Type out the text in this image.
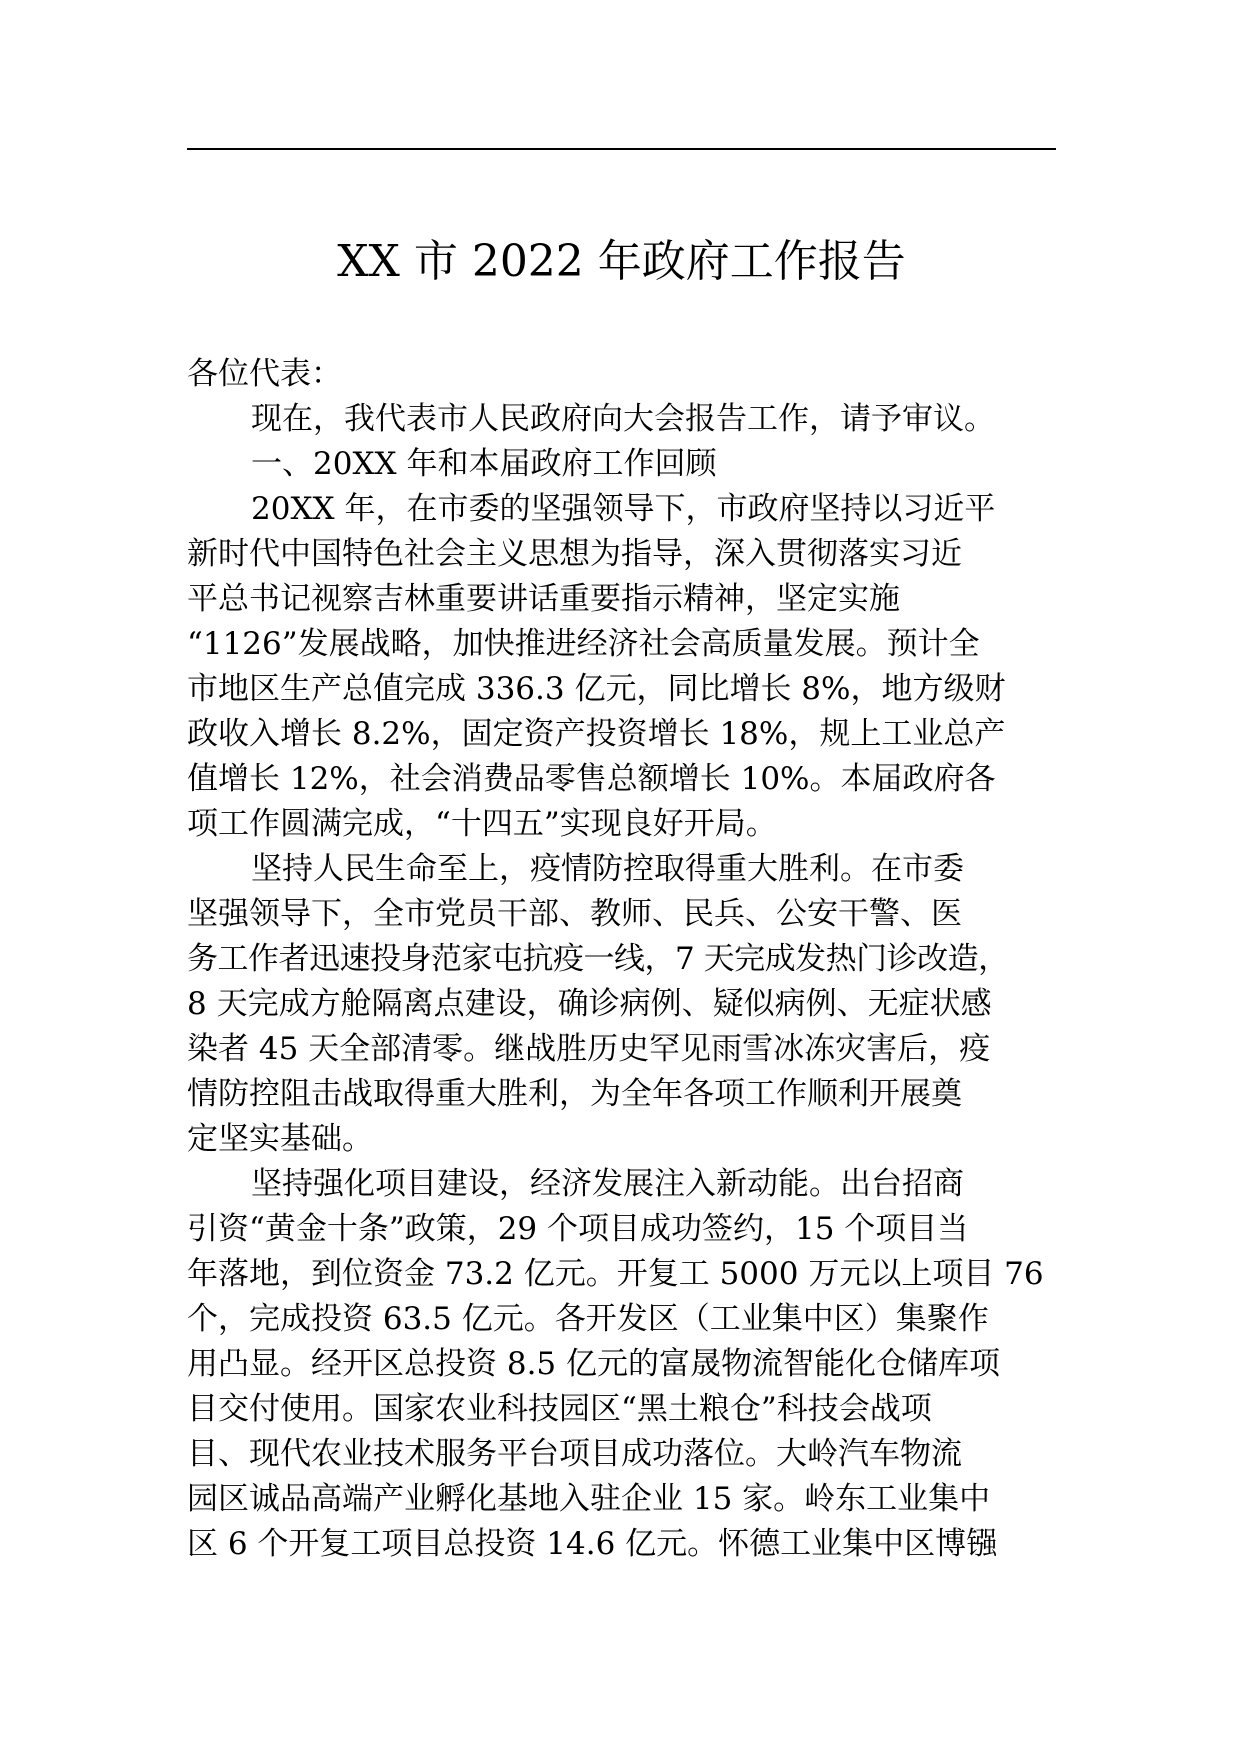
XX 市 2022 年政府工作报告
各位代表：
现在，我代表市人民政府向大会报告工作，请予审议。
一、20XX 年和本届政府工作回顾
20XX 年，在市委的坚强领导下，市政府坚持以习近平
新时代中国特色社会主义思想为指导，深入贯彻落实习近
平总书记视察吉林重要讲话重要指示精神，坚定实施
“1126”发展战略，加快推进经济社会高质量发展。预计全
市地区生产总值完成 336.3 亿元，同比增长 8%，地方级财
政收入增长 8.2%，固定资产投资增长 18%，规上工业总产
值增长 12%，社会消费品零售总额增长 10%。本届政府各
项工作圆满完成，“十四五”实现良好开局。
坚持人民生命至上，疫情防控取得重大胜利。在市委
坚强领导下，全市党员干部、教师、民兵、公安干警、医
务工作者迅速投身范家屯抗疫一线，7 天完成发热门诊改造，
8 天完成方舱隔离点建设，确诊病例、疑似病例、无症状感
染者 45 天全部清零。继战胜历史罕见雨雪冰冻灾害后，疫
情防控阻击战取得重大胜利，为全年各项工作顺利开展奠
定坚实基础。
坚持强化项目建设，经济发展注入新动能。出台招商
引资“黄金十条”政策，29 个项目成功签约，15 个项目当
年落地，到位资金 73.2 亿元。开复工 5000 万元以上项目 76
个，完成投资 63.5 亿元。各开发区（工业集中区）集聚作
用凸显。经开区总投资 8.5 亿元的富晟物流智能化仓储库项
目交付使用。国家农业科技园区“黑土粮仓”科技会战项
目、现代农业技术服务平台项目成功落位。大岭汽车物流
园区诚品高端产业孵化基地入驻企业 15 家。岭东工业集中
区 6 个开复工项目总投资 14.6 亿元。怀德工业集中区博镪
